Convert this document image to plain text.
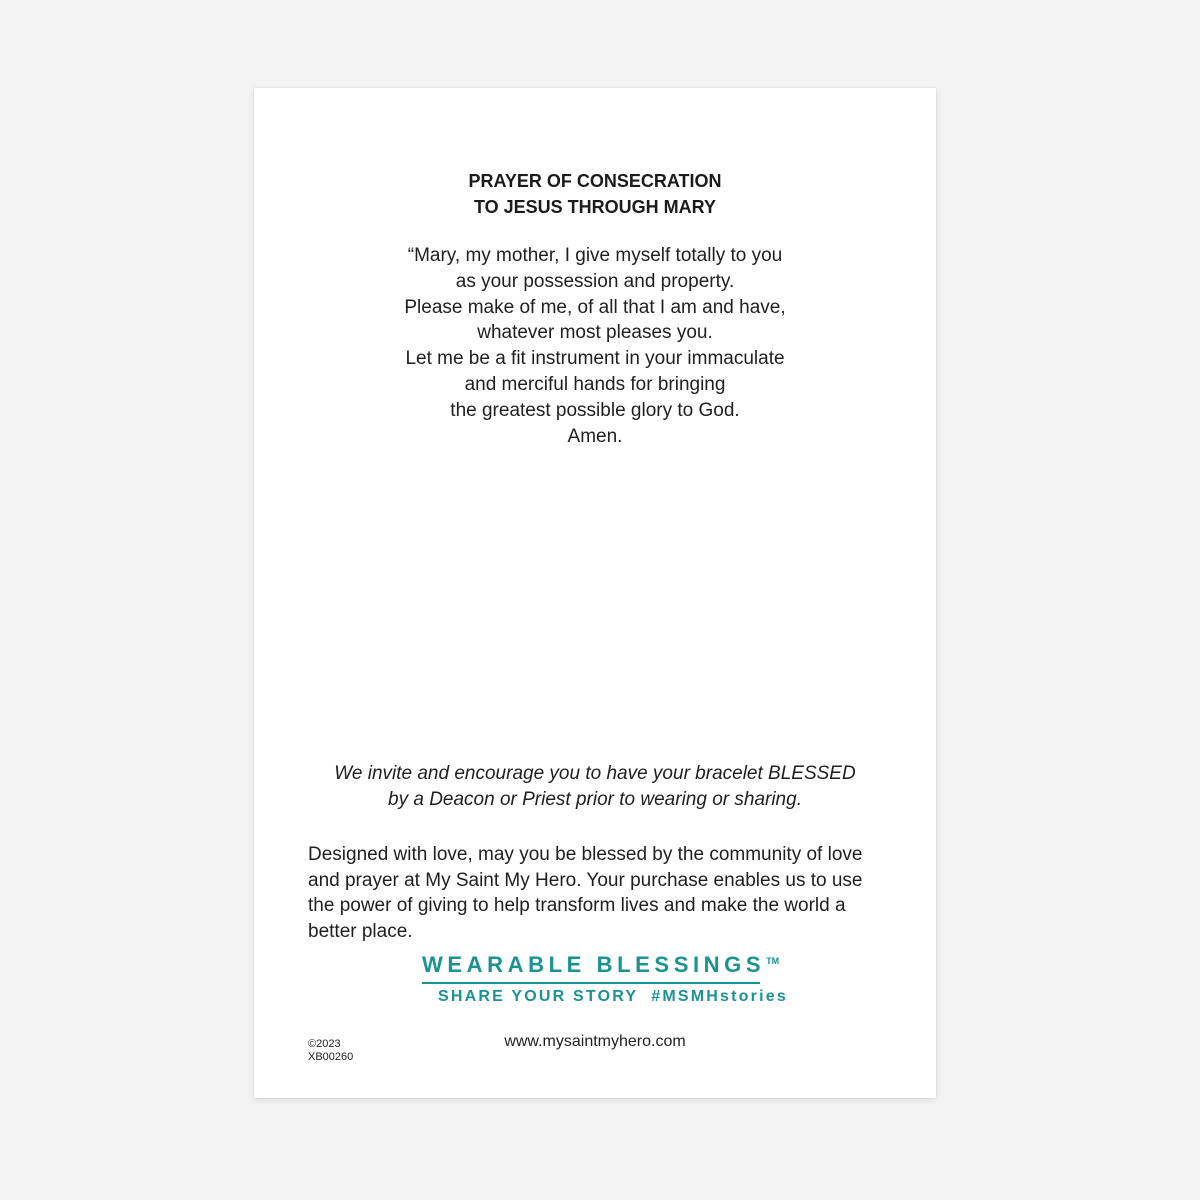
PRAYER OF CONSECRATION
TO JESUS THROUGH MARY
“Mary, my mother, I give myself totally to you
as your possession and property.
Please make of me, of all that I am and have,
whatever most pleases you.
Let me be a fit instrument in your immaculate
and merciful hands for bringing
the greatest possible glory to God.
Amen.
We invite and encourage you to have your bracelet BLESSED
by a Deacon or Priest prior to wearing or sharing.
Designed with love, may you be blessed by the community of love
and prayer at My Saint My Hero. Your purchase enables us to use
the power of giving to help transform lives and make the world a
better place.
WEARABLE BLESSINGS™
SHARE YOUR STORY  #MSMHstories
©2023
XB00260
www.mysaintmyhero.com
